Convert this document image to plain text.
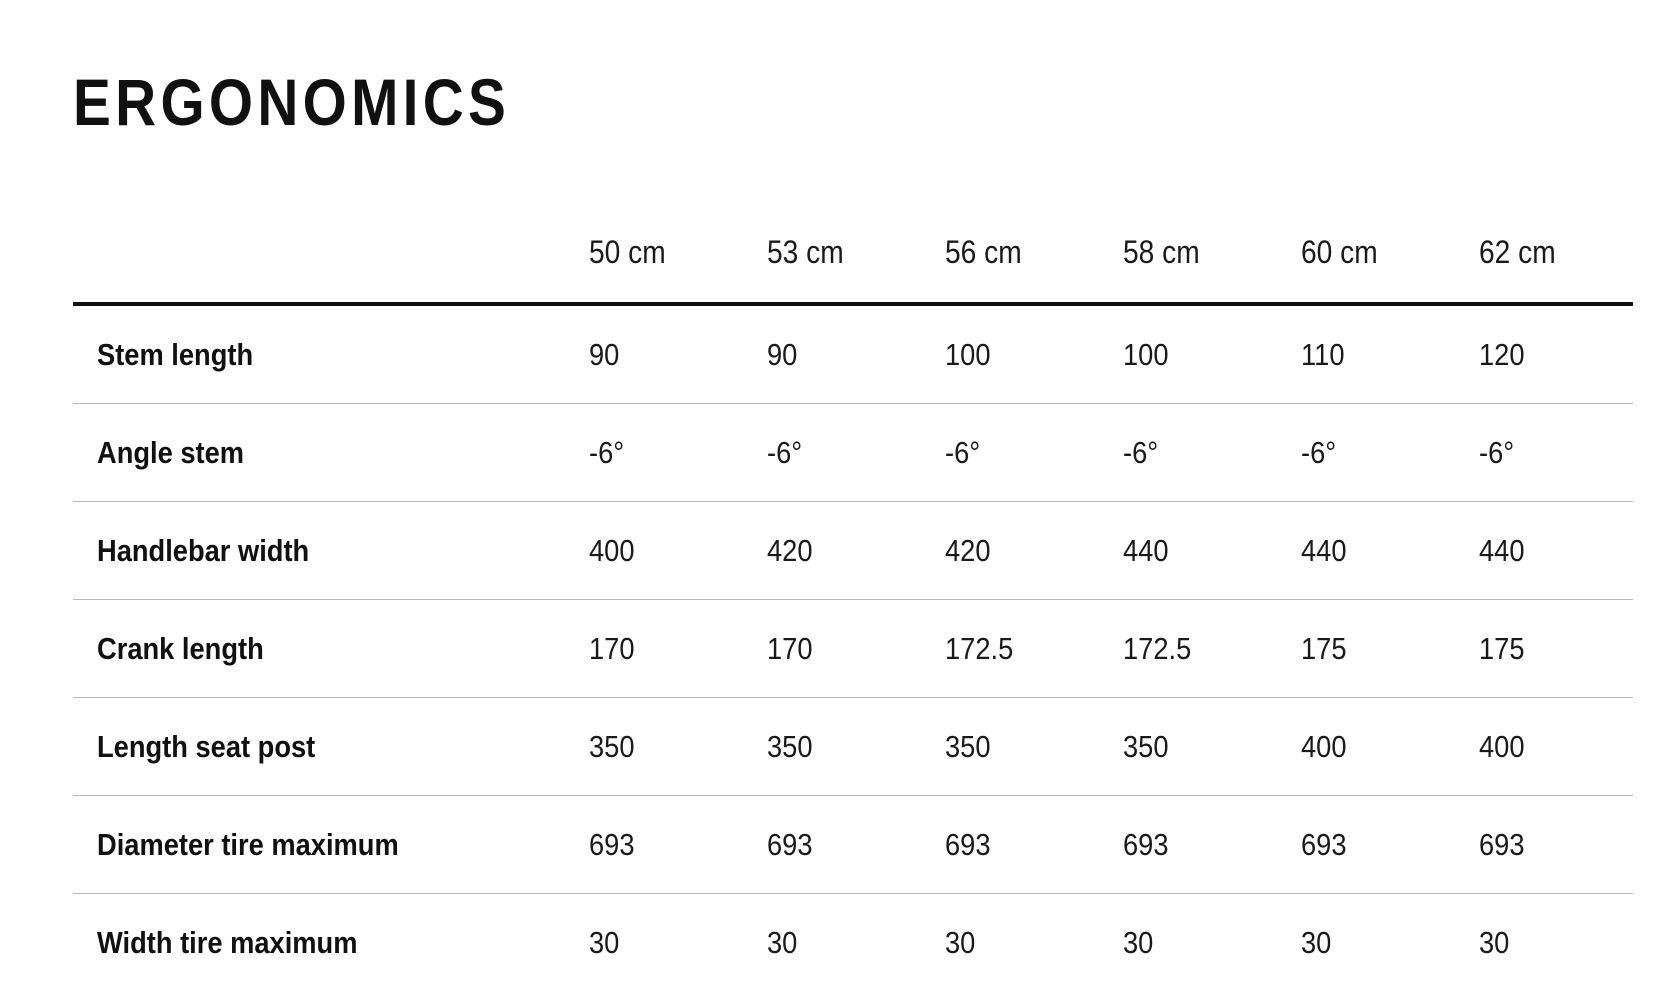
ERGONOMICS
50 cm	53 cm	56 cm	58 cm	60 cm	62 cm
Stem length	90	90	100	100	110	120
Angle stem	-6°	-6°	-6°	-6°	-6°	-6°
Handlebar width	400	420	420	440	440	440
Crank length	170	170	172.5	172.5	175	175
Length seat post	350	350	350	350	400	400
Diameter tire maximum	693	693	693	693	693	693
Width tire maximum	30	30	30	30	30	30
